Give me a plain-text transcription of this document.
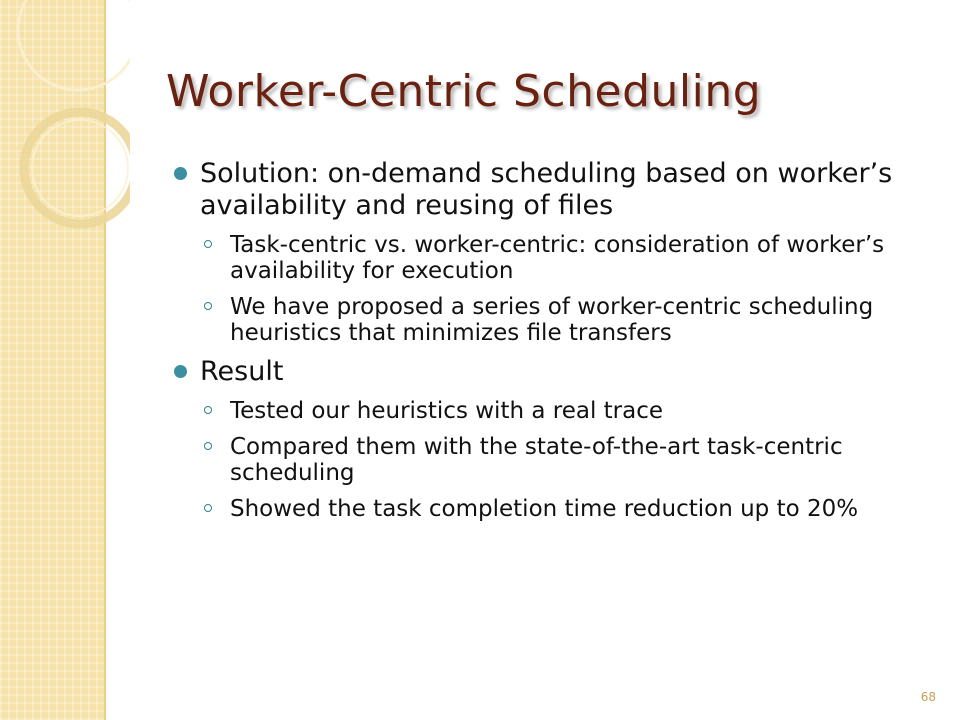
Worker-Centric Scheduling
Solution: on-demand scheduling based on worker’s availability and reusing of files
Task-centric vs. worker-centric: consideration of worker’s availability for execution
We have proposed a series of worker-centric scheduling heuristics that minimizes file transfers
Result
Tested our heuristics with a real trace
Compared them with the state-of-the-art task-centric scheduling
Showed the task completion time reduction up to 20%
68
